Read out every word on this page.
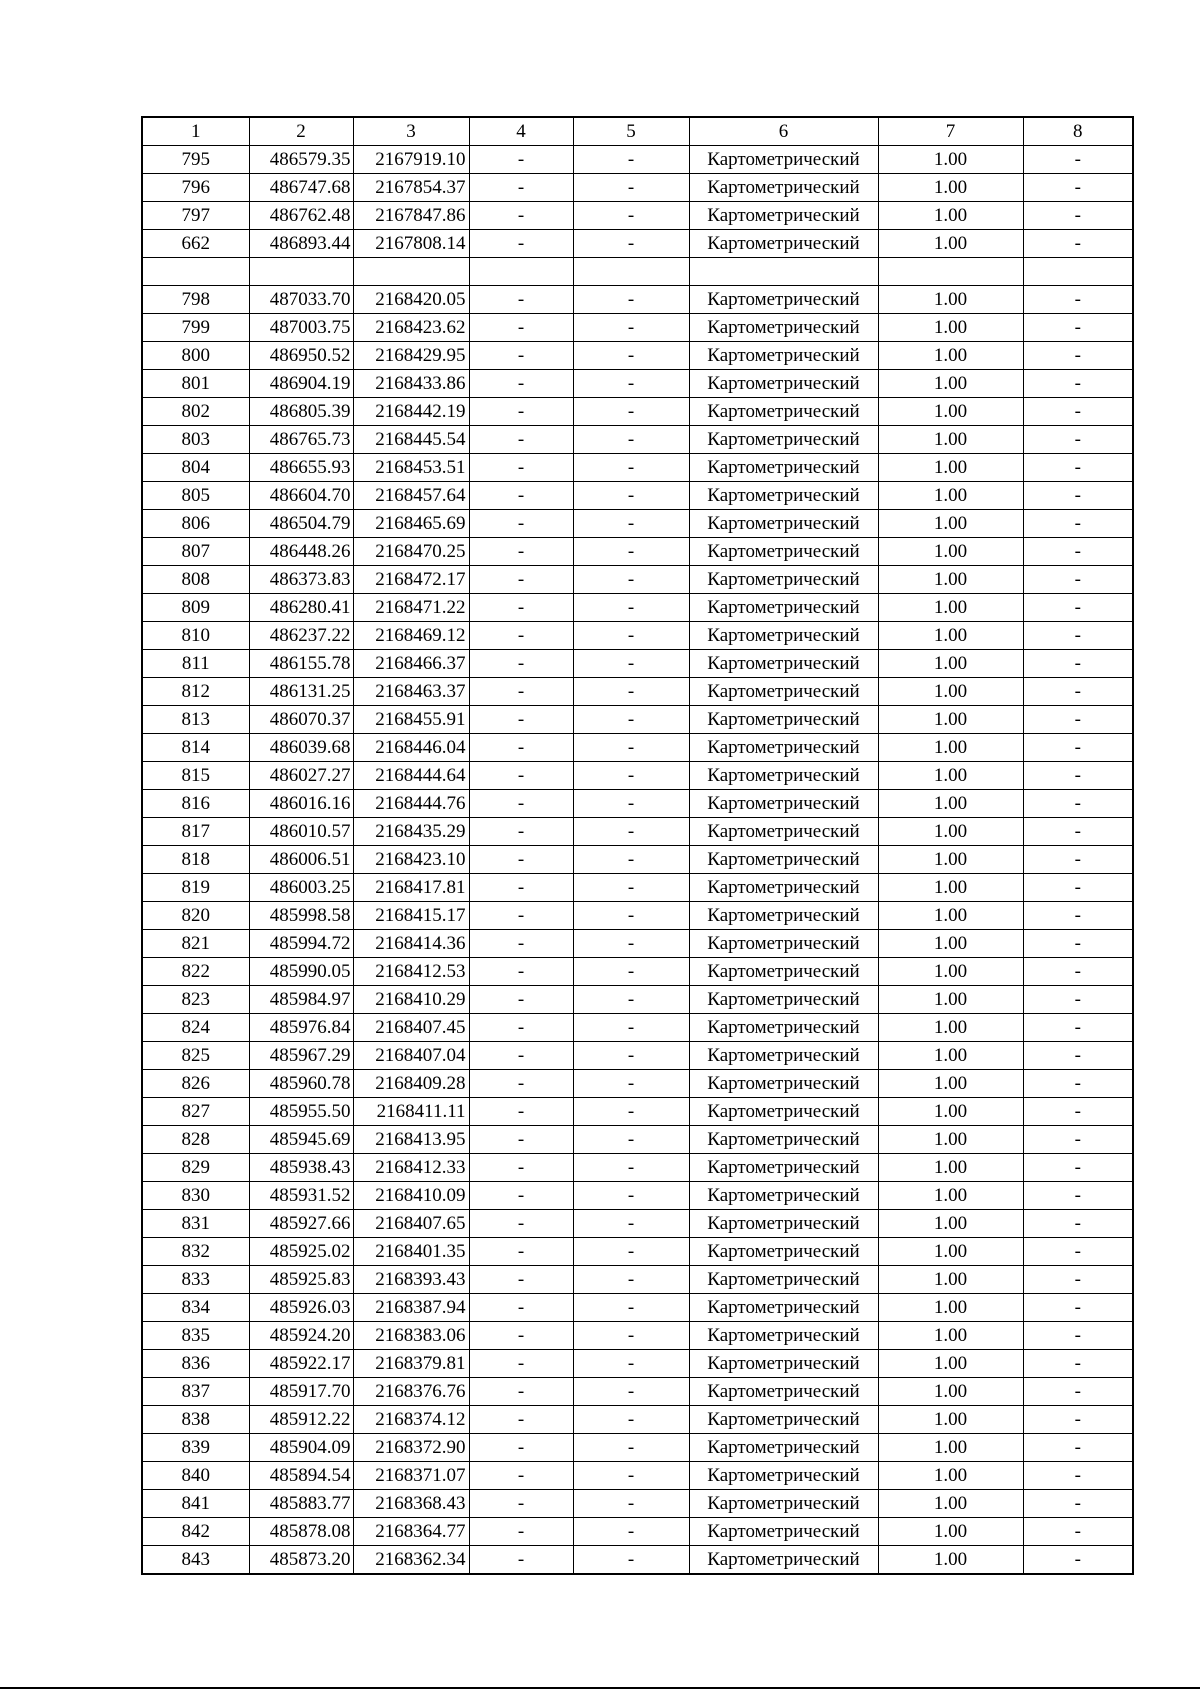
1	2	3	4	5	6	7	8
795	486579.35	2167919.10	-	-	Картометрический	1.00	-
796	486747.68	2167854.37	-	-	Картометрический	1.00	-
797	486762.48	2167847.86	-	-	Картометрический	1.00	-
662	486893.44	2167808.14	-	-	Картометрический	1.00	-

798	487033.70	2168420.05	-	-	Картометрический	1.00	-
799	487003.75	2168423.62	-	-	Картометрический	1.00	-
800	486950.52	2168429.95	-	-	Картометрический	1.00	-
801	486904.19	2168433.86	-	-	Картометрический	1.00	-
802	486805.39	2168442.19	-	-	Картометрический	1.00	-
803	486765.73	2168445.54	-	-	Картометрический	1.00	-
804	486655.93	2168453.51	-	-	Картометрический	1.00	-
805	486604.70	2168457.64	-	-	Картометрический	1.00	-
806	486504.79	2168465.69	-	-	Картометрический	1.00	-
807	486448.26	2168470.25	-	-	Картометрический	1.00	-
808	486373.83	2168472.17	-	-	Картометрический	1.00	-
809	486280.41	2168471.22	-	-	Картометрический	1.00	-
810	486237.22	2168469.12	-	-	Картометрический	1.00	-
811	486155.78	2168466.37	-	-	Картометрический	1.00	-
812	486131.25	2168463.37	-	-	Картометрический	1.00	-
813	486070.37	2168455.91	-	-	Картометрический	1.00	-
814	486039.68	2168446.04	-	-	Картометрический	1.00	-
815	486027.27	2168444.64	-	-	Картометрический	1.00	-
816	486016.16	2168444.76	-	-	Картометрический	1.00	-
817	486010.57	2168435.29	-	-	Картометрический	1.00	-
818	486006.51	2168423.10	-	-	Картометрический	1.00	-
819	486003.25	2168417.81	-	-	Картометрический	1.00	-
820	485998.58	2168415.17	-	-	Картометрический	1.00	-
821	485994.72	2168414.36	-	-	Картометрический	1.00	-
822	485990.05	2168412.53	-	-	Картометрический	1.00	-
823	485984.97	2168410.29	-	-	Картометрический	1.00	-
824	485976.84	2168407.45	-	-	Картометрический	1.00	-
825	485967.29	2168407.04	-	-	Картометрический	1.00	-
826	485960.78	2168409.28	-	-	Картометрический	1.00	-
827	485955.50	2168411.11	-	-	Картометрический	1.00	-
828	485945.69	2168413.95	-	-	Картометрический	1.00	-
829	485938.43	2168412.33	-	-	Картометрический	1.00	-
830	485931.52	2168410.09	-	-	Картометрический	1.00	-
831	485927.66	2168407.65	-	-	Картометрический	1.00	-
832	485925.02	2168401.35	-	-	Картометрический	1.00	-
833	485925.83	2168393.43	-	-	Картометрический	1.00	-
834	485926.03	2168387.94	-	-	Картометрический	1.00	-
835	485924.20	2168383.06	-	-	Картометрический	1.00	-
836	485922.17	2168379.81	-	-	Картометрический	1.00	-
837	485917.70	2168376.76	-	-	Картометрический	1.00	-
838	485912.22	2168374.12	-	-	Картометрический	1.00	-
839	485904.09	2168372.90	-	-	Картометрический	1.00	-
840	485894.54	2168371.07	-	-	Картометрический	1.00	-
841	485883.77	2168368.43	-	-	Картометрический	1.00	-
842	485878.08	2168364.77	-	-	Картометрический	1.00	-
843	485873.20	2168362.34	-	-	Картометрический	1.00	-
